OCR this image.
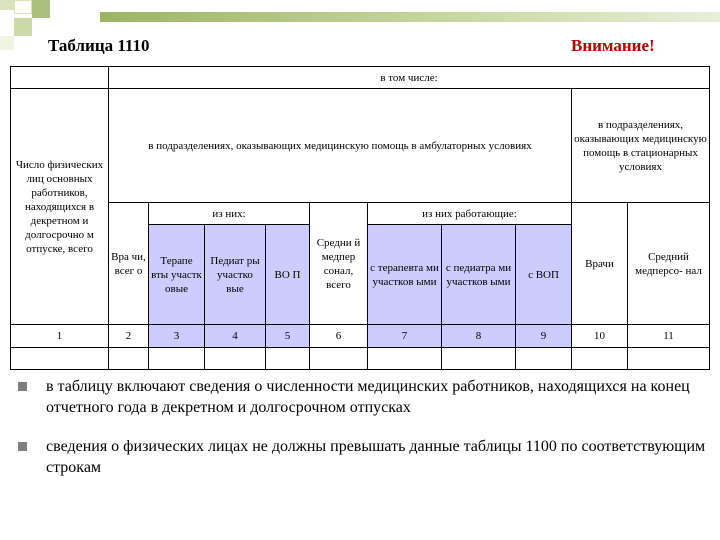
Таблица 1110	Внимание!
	в том числе:									
Число физических лиц основных работников, находящихся в декретном и долгосрочно м отпуске, всего	в подразделениях, оказывающих медицинскую помощь в амбулаторных условиях								в подразделениях, оказывающих медицинскую помощь в стационарных условиях	
	Вра чи, всег о	из них:			Средни й медпер сонал, всего	из них работающие:			Врачи	Средний медперсо- нал
		Терапе вты участк овые	Педиат ры участко вые	ВО П		с терапевта ми участков ыми	с педиатра ми участков ыми	с ВОП		
1	2	3	4	5	6	7	8	9	10	11

в таблицу включают сведения о численности медицинских работников, находящихся на конец отчетного года в декретном и долгосрочном отпусках
сведения о физических лицах не должны превышать данные таблицы 1100 по соответствующим строкам
